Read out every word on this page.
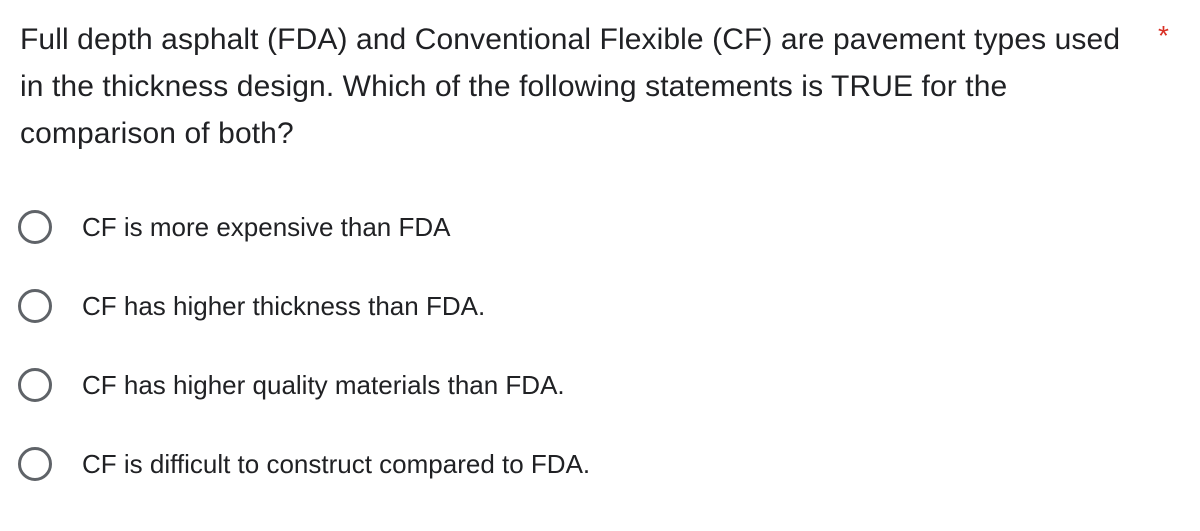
Full depth asphalt (FDA) and Conventional Flexible (CF) are pavement types used in the thickness design. Which of the following statements is TRUE for the comparison of both?
*
CF is more expensive than FDA
CF has higher thickness than FDA.
CF has higher quality materials than FDA.
CF is difficult to construct compared to FDA.
